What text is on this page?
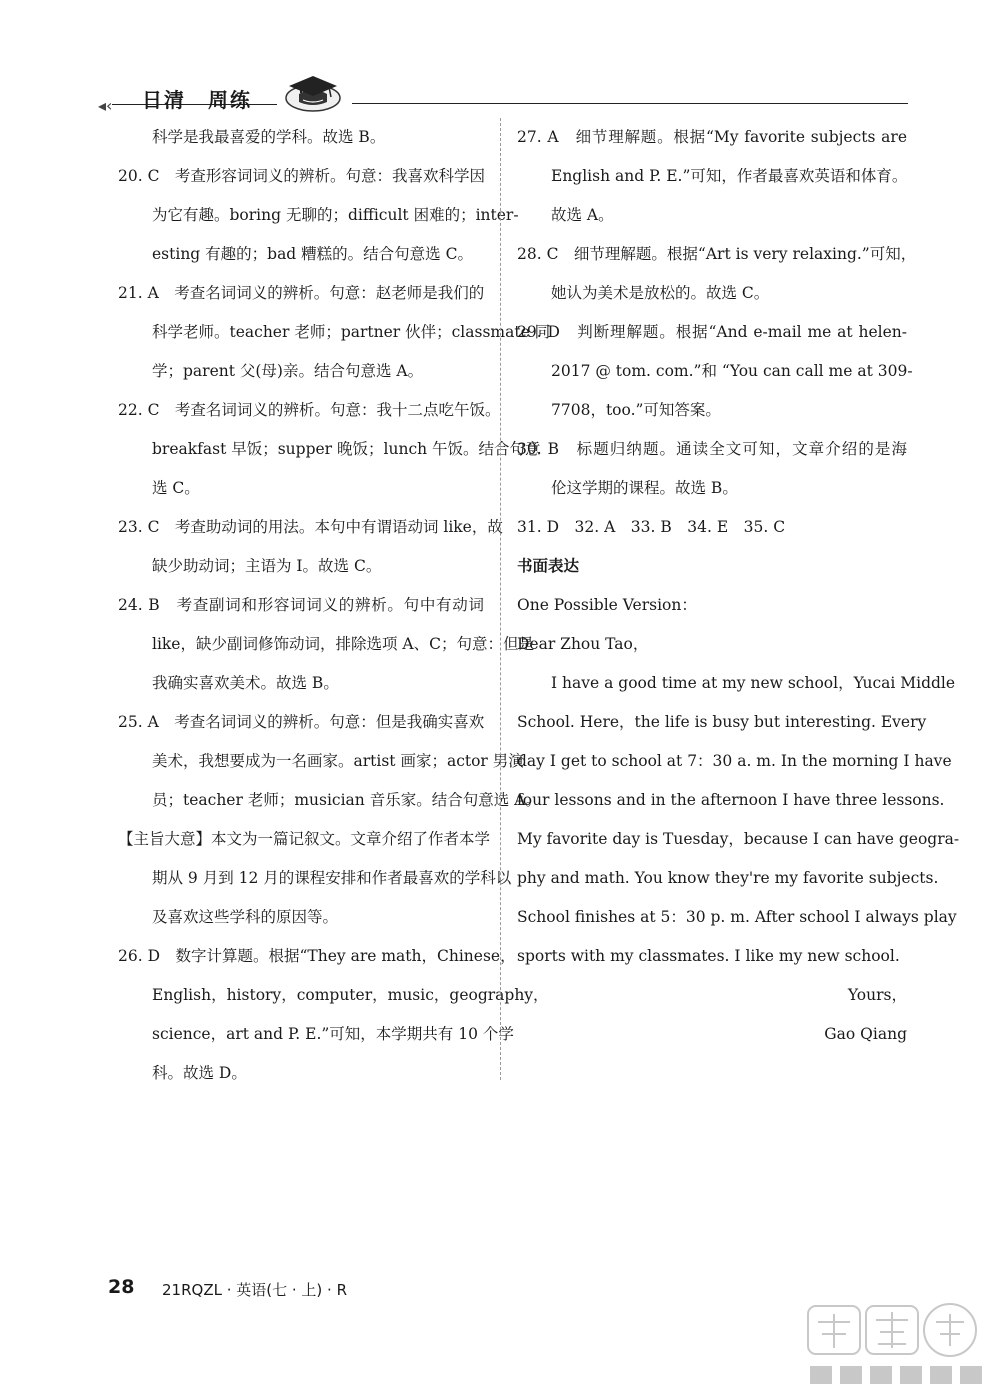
◂‹ 日清　周练
科学是我最喜爱的学科。故选 B。
20. C　考查形容词词义的辨析。句意：我喜欢科学因
为它有趣。boring 无聊的；difficult 困难的；inter-
esting 有趣的；bad 糟糕的。结合句意选 C。
21. A　考查名词词义的辨析。句意：赵老师是我们的
科学老师。teacher 老师；partner 伙伴；classmate 同
学；parent 父(母)亲。结合句意选 A。
22. C　考查名词词义的辨析。句意：我十二点吃午饭。
breakfast 早饭；supper 晚饭；lunch 午饭。结合句意
选 C。
23. C　考查助动词的用法。本句中有谓语动词 like，故
缺少助动词；主语为 I。故选 C。
24. B　考查副词和形容词词义的辨析。句中有动词
like，缺少副词修饰动词，排除选项 A、C；句意：但是
我确实喜欢美术。故选 B。
25. A　考查名词词义的辨析。句意：但是我确实喜欢
美术，我想要成为一名画家。artist 画家；actor 男演
员；teacher 老师；musician 音乐家。结合句意选 A。
【主旨大意】本文为一篇记叙文。文章介绍了作者本学
期从 9 月到 12 月的课程安排和作者最喜欢的学科以
及喜欢这些学科的原因等。
26. D　数字计算题。根据“They are math，Chinese，
English，history，computer，music，geography，
science，art and P. E.”可知，本学期共有 10 个学
科。故选 D。
27. A　细节理解题。根据“My favorite subjects are
English and P. E.”可知，作者最喜欢英语和体育。
故选 A。
28. C　细节理解题。根据“Art is very relaxing.”可知，
她认为美术是放松的。故选 C。
29. D　判断理解题。根据“And e-mail me at helen-
2017 @ tom. com.”和 “You can call me at 309-
7708，too.”可知答案。
30. B　标题归纳题。通读全文可知，文章介绍的是海
伦这学期的课程。故选 B。
31. D　32. A　33. B　34. E　35. C
书面表达
One Possible Version：
Dear Zhou Tao，
I have a good time at my new school，Yucai Middle
School. Here，the life is busy but interesting. Every
day I get to school at 7：30 a. m. In the morning I have
four lessons and in the afternoon I have three lessons.
My favorite day is Tuesday，because I can have geogra-
phy and math. You know they're my favorite subjects.
School finishes at 5：30 p. m. After school I always play
sports with my classmates. I like my new school.
Yours，
Gao Qiang
28 21RQZL · 英语(七 · 上) · R
